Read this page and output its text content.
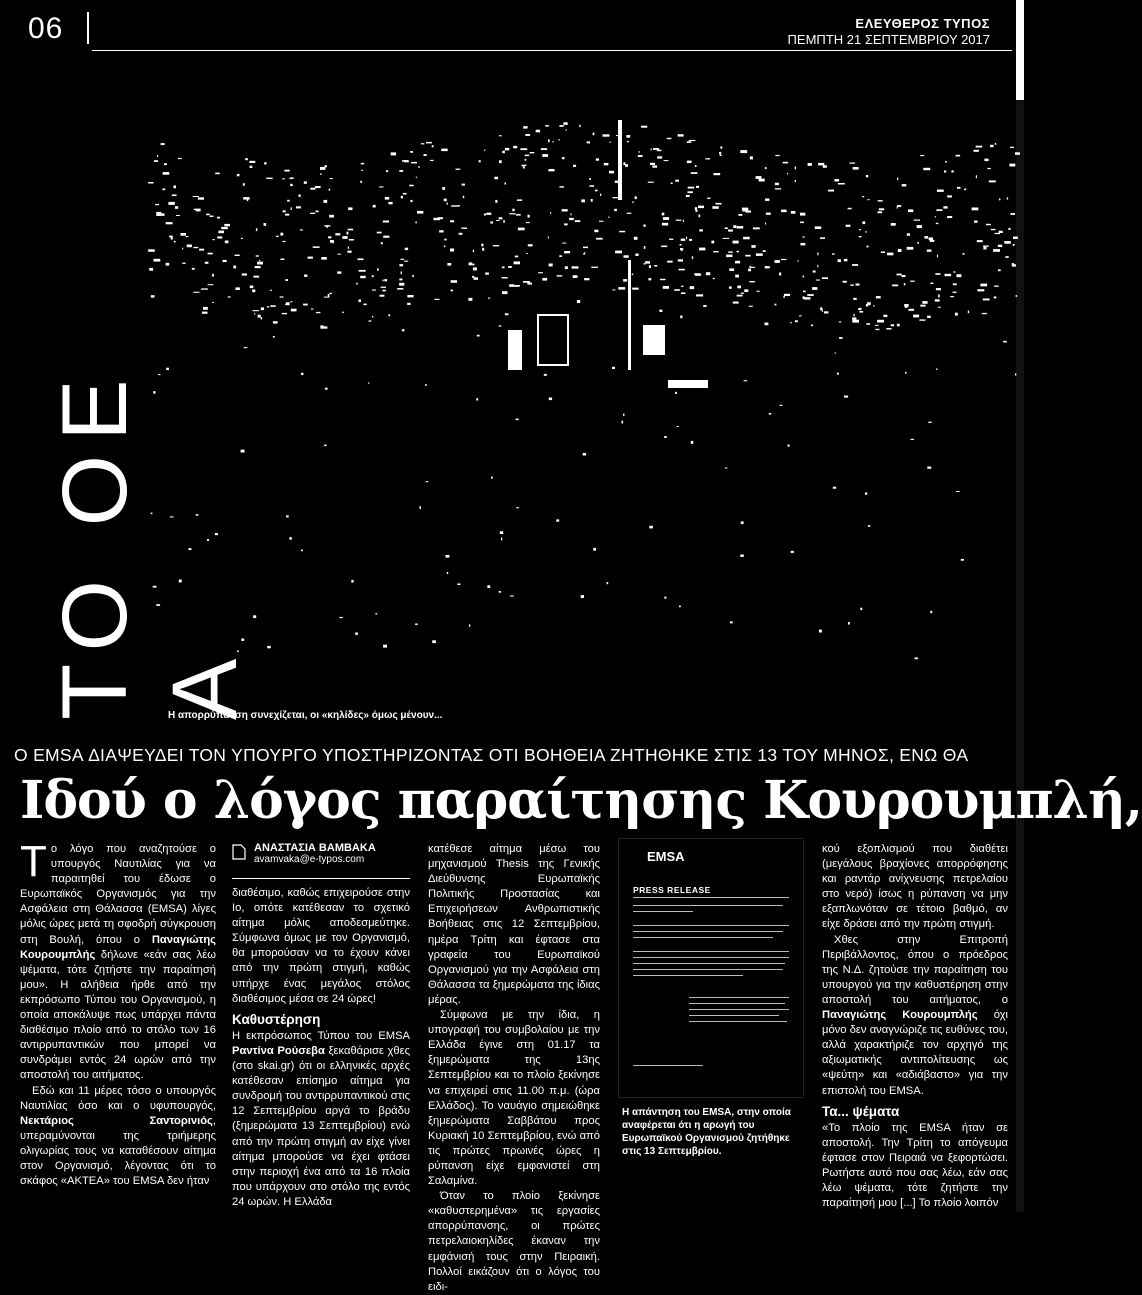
06	ΕΛΕΥΘΕΡΟΣ ΤΥΠΟΣ
ΠΕΜΠΤΗ 21 ΣΕΠΤΕΜΒΡΙΟΥ 2017
ΤΟ ΟΕ Α
Η απορρύπανση συνεχίζεται, οι «κηλίδες» όμως μένουν...
Ο EMSA ΔΙΑΨΕΥΔΕΙ ΤΟΝ ΥΠΟΥΡΓΟ ΥΠΟΣΤΗΡΙΖΟΝΤΑΣ ΟΤΙ ΒΟΗΘΕΙΑ ΖΗΤΗΘΗΚΕ ΣΤΙΣ 13 ΤΟΥ ΜΗΝΟΣ, ΕΝΩ ΘΑ
Ιδού ο λόγος παραίτησης Κουρουμπλή,

Το λόγο που αναζητούσε ο υπουργός Ναυτιλίας για να παραιτηθεί του έδωσε ο Ευρωπαϊκός Οργανισμός για την Ασφάλεια στη Θάλασσα (EMSA) λίγες μόλις ώρες μετά τη σφοδρή σύγκρουση στη Βουλή, όπου ο Παναγιώτης Κουρουμπλής δήλωνε «εάν σας λέω ψέματα, τότε ζητήστε την παραίτησή μου». Η αλήθεια ήρθε από την εκπρόσωπο Τύπου του Οργανισμού, η οποία αποκάλυψε πως υπάρχει πάντα διαθέσιμο πλοίο από το στόλο των 16 αντιρρυπαντικών που μπορεί να συνδράμει εντός 24 ωρών από την αποστολή του αιτήματος.

Εδώ και 11 μέρες τόσο ο υπουργός Ναυτιλίας όσο και ο υφυπουργός, Νεκτάριος Σαντορινιός, υπεραμύνονται της τριήμερης ολιγωρίας τους να καταθέσουν αίτημα στον Οργανισμό, λέγοντας ότι το σκάφος «ΑΚΤΕΑ» του EMSA δεν ήταν

ΑΝΑΣΤΑΣΙΑ ΒΑΜΒΑΚΑ
avamvaka@e-typos.com

διαθέσιμο, καθώς επιχειρούσε στην Ιο, οπότε κατέθεσαν το σχετικό αίτημα μόλις αποδεσμεύτηκε. Σύμφωνα όμως με τον Οργανισμό, θα μπορούσαν να το έχουν κάνει από την πρώτη στιγμή, καθώς υπήρχε ένας μεγάλος στόλος διαθέσιμος μέσα σε 24 ώρες!

Καθυστέρηση

Η εκπρόσωπος Τύπου του EMSA Ραντίνα Ρούσεβα ξεκαθάρισε χθες (στο skai.gr) ότι οι ελληνικές αρχές κατέθεσαν επίσημο αίτημα για συνδρομή του αντιρρυπαντικού στις 12 Σεπτεμβρίου αργά το βράδυ (ξημερώματα 13 Σεπτεμβρίου) ενώ από την πρώτη στιγμή αν είχε γίνει αίτημα μπορούσε να έχει φτάσει στην περιοχή ένα από τα 16 πλοία που υπάρχουν στο στόλο της εντός 24 ωρών. Η Ελλάδα

κατέθεσε αίτημα μέσω του μηχανισμού Thesis της Γενικής Διεύθυνσης Ευρωπαϊκής Πολιτικής Προστασίας και Επιχειρήσεων Ανθρωπιστικής Βοήθειας στις 12 Σεπτεμβρίου, ημέρα Τρίτη και έφτασε στα γραφεία του Ευρωπαϊκού Οργανισμού για την Ασφάλεια στη Θάλασσα τα ξημερώματα της ίδιας μέρας.

Σύμφωνα με την ίδια, η υπογραφή του συμβολαίου με την Ελλάδα έγινε στη 01.17 τα ξημερώματα της 13ης Σεπτεμβρίου και το πλοίο ξεκίνησε να επιχειρεί στις 11.00 π.μ. (ώρα Ελλάδος). Το ναυάγιο σημειώθηκε ξημερώματα Σαββάτου προς Κυριακή 10 Σεπτεμβρίου, ενώ από τις πρώτες πρωινές ώρες η ρύπανση είχε εμφανιστεί στη Σαλαμίνα.

Όταν το πλοίο ξεκίνησε «καθυστερημένα» τις εργασίες απορρύπανσης, οι πρώτες πετρελαιοκηλίδες έκαναν την εμφάνισή τους στην Πειραική. Πολλοί εικάζουν ότι ο λόγος του ειδι-

EMSA
PRESS RELEASE
Η απάντηση του EMSA, στην οποία αναφέρεται ότι η αρωγή του Ευρωπαϊκού Οργανισμού ζητήθηκε στις 13 Σεπτεμβρίου.

κού εξοπλισμού που διαθέτει (μεγάλους βραχίονες απορρόφησης και ραντάρ ανίχνευσης πετρελαίου στο νερό) ίσως η ρύπανση να μην εξαπλωνόταν σε τέτοιο βαθμό, αν είχε δράσει από την πρώτη στιγμή.

Χθες στην Επιτροπή Περιβάλλοντος, όπου ο πρόεδρος της Ν.Δ. ζητούσε την παραίτηση του υπουργού για την καθυστέρηση στην αποστολή του αιτήματος, ο Παναγιώτης Κουρουμπλής όχι μόνο δεν αναγνώριζε τις ευθύνες του, αλλά χαρακτήριζε τον αρχηγό της αξιωματικής αντιπολίτευσης ως «ψεύτη» και «αδιάβαστο» για την επιστολή του EMSA.

Τα... ψέματα

«Το πλοίο της EMSA ήταν σε αποστολή. Την Τρίτη το απόγευμα έφτασε στον Πειραιά να ξεφορτώσει. Ρωτήστε αυτό που σας λέω, εάν σας λέω ψέματα, τότε ζητήστε την παραίτησή μου [...] Το πλοίο λοιπόν
